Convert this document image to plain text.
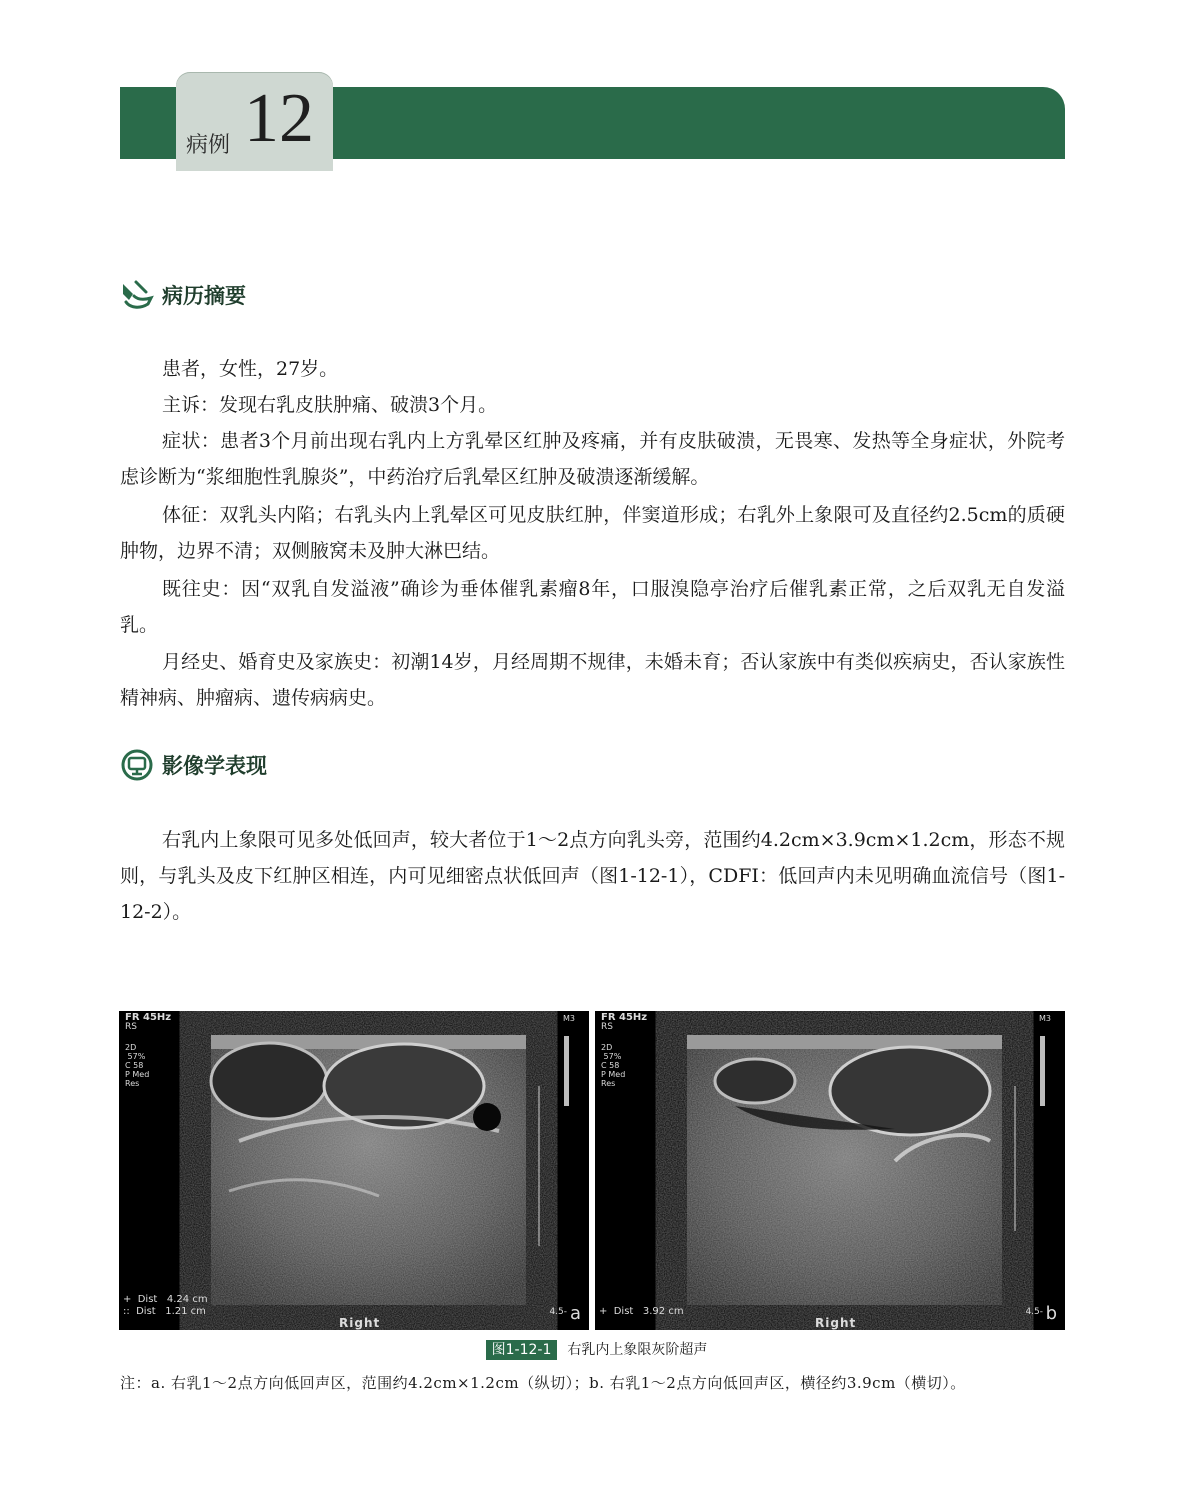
病例 12
病历摘要

患者，女性，27岁。

主诉：发现右乳皮肤肿痛、破溃3个月。

症状：患者3个月前出现右乳内上方乳晕区红肿及疼痛，并有皮肤破溃，无畏寒、发热等全身症状，外院考虑诊断为“浆细胞性乳腺炎”，中药治疗后乳晕区红肿及破溃逐渐缓解。

体征：双乳头内陷；右乳头内上乳晕区可见皮肤红肿，伴窦道形成；右乳外上象限可及直径约2.5cm的质硬肿物，边界不清；双侧腋窝未及肿大淋巴结。

既往史：因“双乳自发溢液”确诊为垂体催乳素瘤8年，口服溴隐亭治疗后催乳素正常，之后双乳无自发溢乳。

月经史、婚育史及家族史：初潮14岁，月经周期不规律，未婚未育；否认家族中有类似疾病史，否认家族性精神病、肿瘤病、遗传病病史。

影像学表现

右乳内上象限可见多处低回声，较大者位于1～2点方向乳头旁，范围约4.2cm×3.9cm×1.2cm，形态不规则，与乳头及皮下红肿区相连，内可见细密点状低回声（图1-12-1），CDFI：低回声内未见明确血流信号（图1-12-2）。

FR 45Hz
RS
2D
57%
C 58
P Med
Res
M3
+  Dist   4.24 cm
::  Dist   1.21 cm
Right
4.5- a
FR 45Hz
RS
2D
57%
C 58
P Med
Res
M3
+  Dist   3.92 cm
Right
4.5- b
图1-12-1 右乳内上象限灰阶超声

注：a. 右乳1～2点方向低回声区，范围约4.2cm×1.2cm（纵切）；b. 右乳1～2点方向低回声区，横径约3.9cm（横切）。
